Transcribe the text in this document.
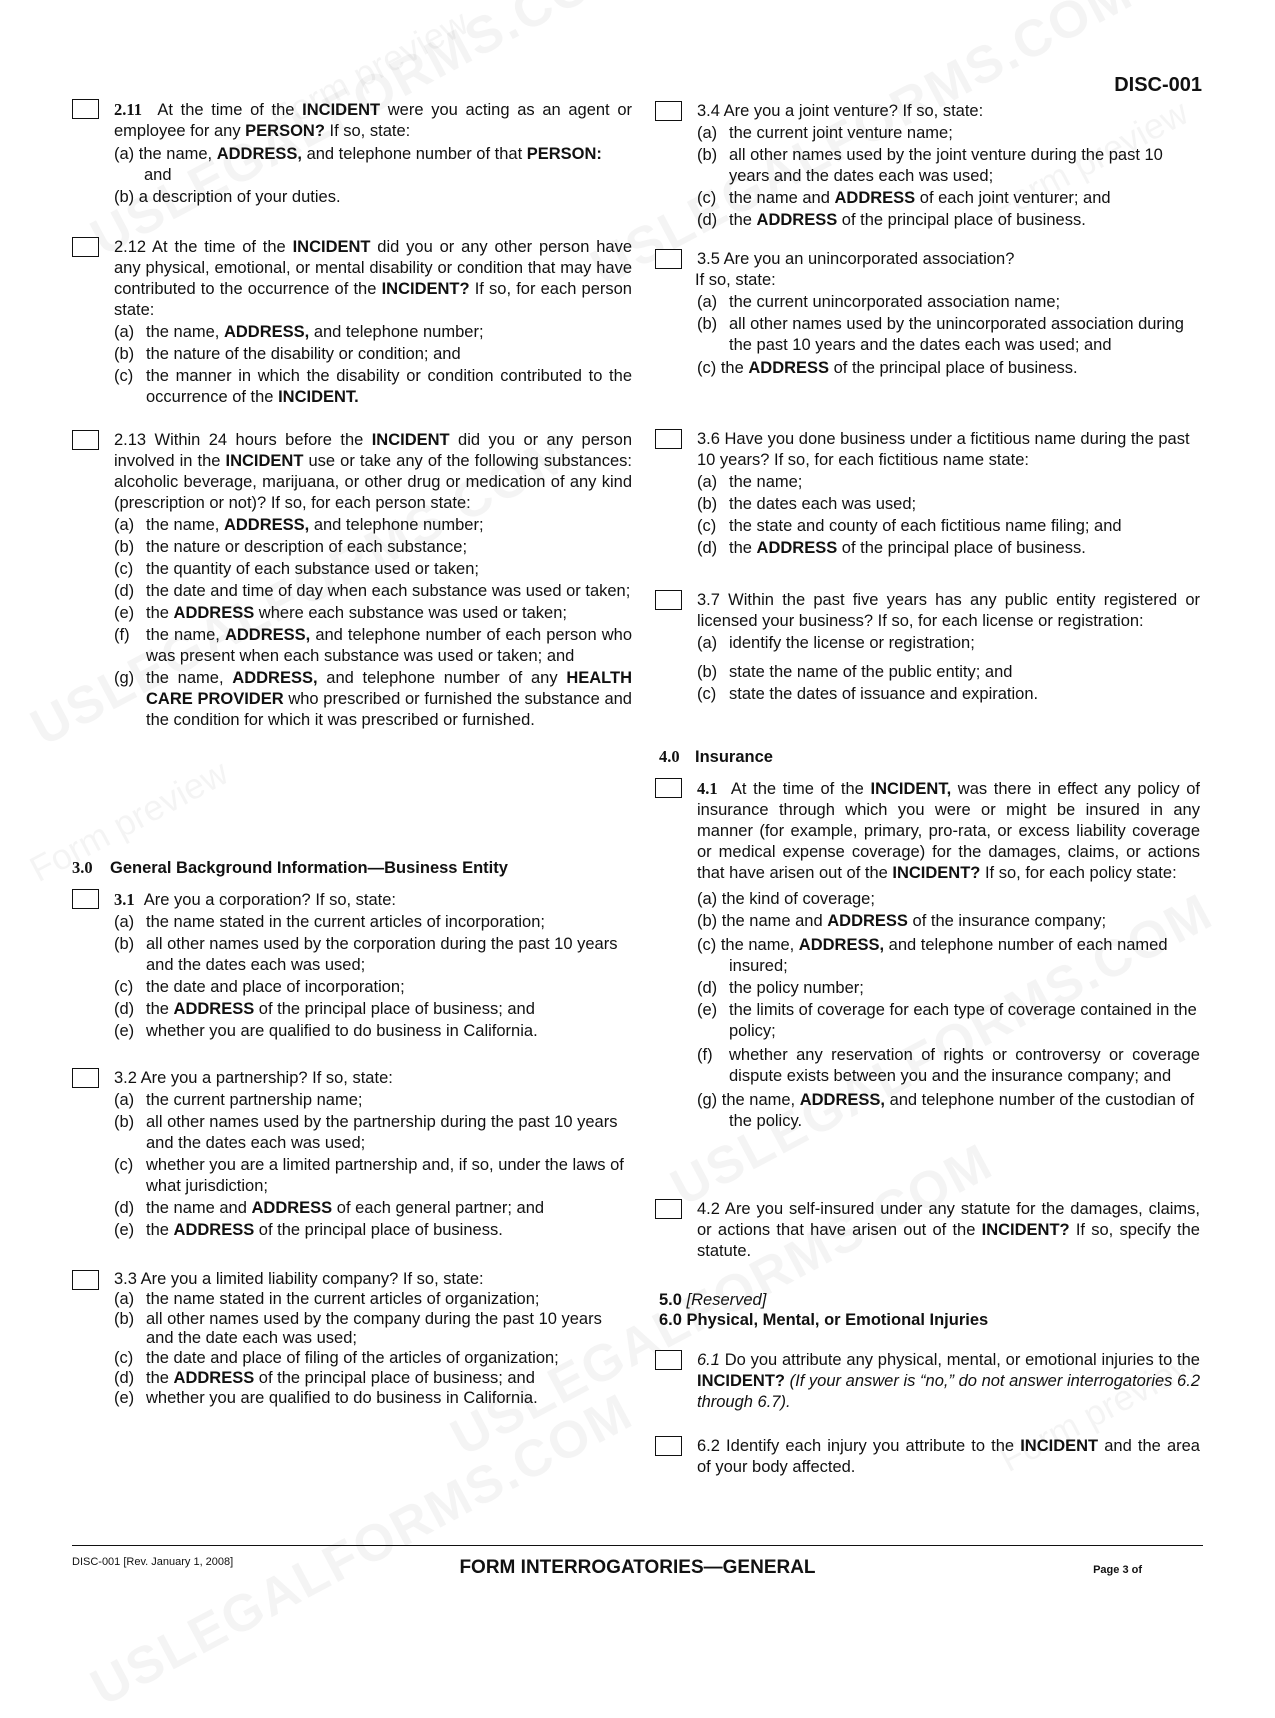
DISC-001
2.11 At the time of the INCIDENT were you acting as an agent or employee for any PERSON? If so, state:
(a) the name, ADDRESS, and telephone number of that PERSON: and
(b) a description of your duties.
2.12 At the time of the INCIDENT did you or any other person have any physical, emotional, or mental disability or condition that may have contributed to the occurrence of the INCIDENT? If so, for each person state:
(a) the name, ADDRESS, and telephone number;
(b) the nature of the disability or condition; and
(c) the manner in which the disability or condition contributed to the occurrence of the INCIDENT.
2.13 Within 24 hours before the INCIDENT did you or any person involved in the INCIDENT use or take any of the following substances: alcoholic beverage, marijuana, or other drug or medication of any kind (prescription or not)? If so, for each person state:
(a) the name, ADDRESS, and telephone number;
(b) the nature or description of each substance;
(c) the quantity of each substance used or taken;
(d) the date and time of day when each substance was used or taken;
(e) the ADDRESS where each substance was used or taken;
(f) the name, ADDRESS, and telephone number of each person who was present when each substance was used or taken; and
(g) the name, ADDRESS, and telephone number of any HEALTH CARE PROVIDER who prescribed or furnished the substance and the condition for which it was prescribed or furnished.
3.0 General Background Information—Business Entity
3.1 Are you a corporation? If so, state:
(a) the name stated in the current articles of incorporation;
(b) all other names used by the corporation during the past 10 years and the dates each was used;
(c) the date and place of incorporation;
(d) the ADDRESS of the principal place of business; and
(e) whether you are qualified to do business in California.
3.2 Are you a partnership? If so, state:
(a) the current partnership name;
(b) all other names used by the partnership during the past 10 years and the dates each was used;
(c) whether you are a limited partnership and, if so, under the laws of what jurisdiction;
(d) the name and ADDRESS of each general partner; and
(e) the ADDRESS of the principal place of business.
3.3 Are you a limited liability company? If so, state:
(a) the name stated in the current articles of organization;
(b) all other names used by the company during the past 10 years and the date each was used;
(c) the date and place of filing of the articles of organization;
(d) the ADDRESS of the principal place of business; and
(e) whether you are qualified to do business in California.
3.4 Are you a joint venture? If so, state:
(a) the current joint venture name;
(b) all other names used by the joint venture during the past 10 years and the dates each was used;
(c) the name and ADDRESS of each joint venturer; and
(d) the ADDRESS of the principal place of business.
3.5 Are you an unincorporated association?
If so, state:
(a) the current unincorporated association name;
(b) all other names used by the unincorporated association during the past 10 years and the dates each was used; and
(c) the ADDRESS of the principal place of business.
3.6 Have you done business under a fictitious name during the past 10 years? If so, for each fictitious name state:
(a) the name;
(b) the dates each was used;
(c) the state and county of each fictitious name filing; and
(d) the ADDRESS of the principal place of business.
3.7 Within the past five years has any public entity registered or licensed your business? If so, for each license or registration:
(a) identify the license or registration;
(b) state the name of the public entity; and
(c) state the dates of issuance and expiration.
4.0 Insurance
4.1 At the time of the INCIDENT, was there in effect any policy of insurance through which you were or might be insured in any manner (for example, primary, pro-rata, or excess liability coverage or medical expense coverage) for the damages, claims, or actions that have arisen out of the INCIDENT? If so, for each policy state:
(a) the kind of coverage;
(b) the name and ADDRESS of the insurance company;
(c) the name, ADDRESS, and telephone number of each named insured;
(d) the policy number;
(e) the limits of coverage for each type of coverage contained in the policy;
(f) whether any reservation of rights or controversy or coverage dispute exists between you and the insurance company; and
(g) the name, ADDRESS, and telephone number of the custodian of the policy.
4.2 Are you self-insured under any statute for the damages, claims, or actions that have arisen out of the INCIDENT? If so, specify the statute.
5.0 [Reserved]
6.0 Physical, Mental, or Emotional Injuries
6.1 Do you attribute any physical, mental, or emotional injuries to the INCIDENT? (If your answer is “no,” do not answer interrogatories 6.2 through 6.7).
6.2 Identify each injury you attribute to the INCIDENT and the area of your body affected.
DISC-001 [Rev. January 1, 2008]	FORM INTERROGATORIES—GENERAL	Page 3 of
